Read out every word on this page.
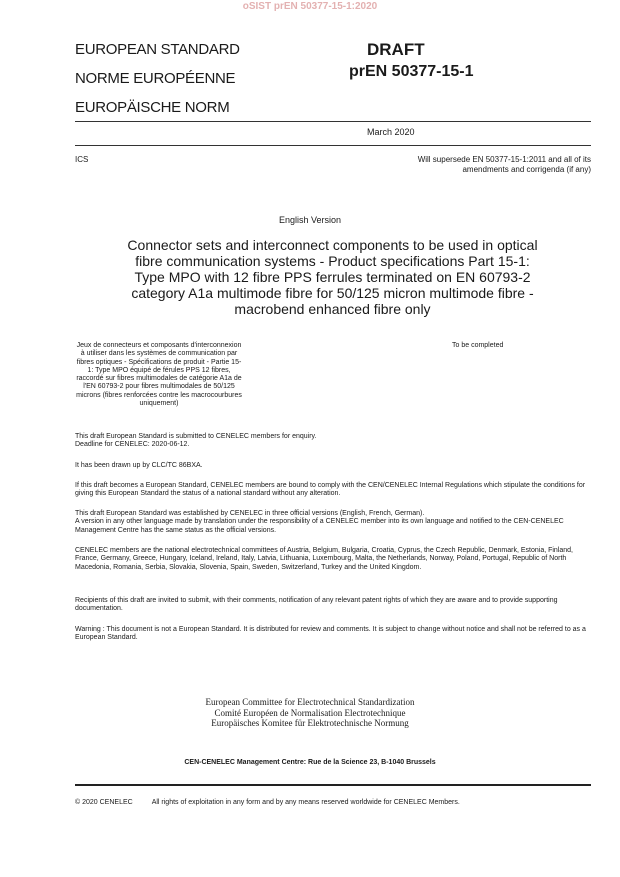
oSIST prEN 50377-15-1:2020
EUROPEAN STANDARD
NORME EUROPÉENNE
EUROPÄISCHE NORM
DRAFT
prEN 50377-15-1
March 2020
ICS	Will supersede EN 50377-15-1:2011 and all of its
amendments and corrigenda (if any)
English Version
Connector sets and interconnect components to be used in optical fibre communication systems - Product specifications Part 15-1: Type MPO with 12 fibre PPS ferrules terminated on EN 60793-2 category A1a multimode fibre for 50/125 micron multimode fibre - macrobend enhanced fibre only
Jeux de connecteurs et composants d'interconnexion à utiliser dans les systèmes de communication par fibres optiques - Spécifications de produit - Partie 15-1: Type MPO équipé de férules PPS 12 fibres, raccordé sur fibres multimodales de catégorie A1a de l'EN 60793-2 pour fibres multimodales de 50/125 microns (fibres renforcées contre les macrocourbures uniquement)
To be completed

This draft European Standard is submitted to CENELEC members for enquiry.

Deadline for CENELEC: 2020-06-12.

It has been drawn up by CLC/TC 86BXA.
If this draft becomes a European Standard, CENELEC members are bound to comply with the CEN/CENELEC Internal Regulations which stipulate the conditions for giving this European Standard the status of a national standard without any alteration.

This draft European Standard was established by CENELEC in three official versions (English, French, German).

A version in any other language made by translation under the responsibility of a CENELEC member into its own language and notified to the CEN-CENELEC Management Centre has the same status as the official versions.

CENELEC members are the national electrotechnical committees of Austria, Belgium, Bulgaria, Croatia, Cyprus, the Czech Republic, Denmark, Estonia, Finland, France, Germany, Greece, Hungary, Iceland, Ireland, Italy, Latvia, Lithuania, Luxembourg, Malta, the Netherlands, Norway, Poland, Portugal, Republic of North Macedonia, Romania, Serbia, Slovakia, Slovenia, Spain, Sweden, Switzerland, Turkey and the United Kingdom.
Recipients of this draft are invited to submit, with their comments, notification of any relevant patent rights of which they are aware and to provide supporting documentation.
Warning : This document is not a European Standard. It is distributed for review and comments. It is subject to change without notice and shall not be referred to as a European Standard.
European Committee for Electrotechnical Standardization
Comité Européen de Normalisation Electrotechnique
Europäisches Komitee für Elektrotechnische Normung
CEN-CENELEC Management Centre: Rue de la Science 23, B-1040 Brussels
© 2020 CENELEC	All rights of exploitation in any form and by any means reserved worldwide for CENELEC Members.
